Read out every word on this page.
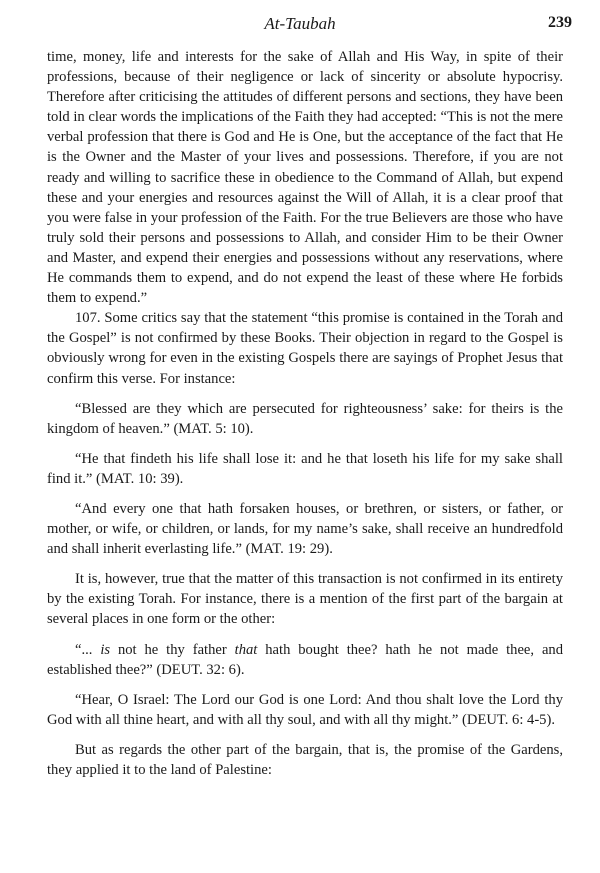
At-Taubah	239

time, money, life and interests for the sake of Allah and His Way, in spite of their professions, because of their negligence or lack of sincerity or absolute hypocrisy. Therefore after criticising the attitudes of different persons and sections, they have been told in clear words the implications of the Faith they had accepted: “This is not the mere verbal profession that there is God and He is One, but the acceptance of the fact that He is the Owner and the Master of your lives and possessions. Therefore, if you are not ready and willing to sacrifice these in obedience to the Command of Allah, but expend these and your energies and resources against the Will of Allah, it is a clear proof that you were false in your profession of the Faith. For the true Believers are those who have truly sold their persons and possessions to Allah, and consider Him to be their Owner and Master, and expend their energies and possessions without any reservations, where He commands them to expend, and do not expend the least of these where He forbids them to expend.”

107. Some critics say that the statement “this promise is contained in the Torah and the Gospel” is not confirmed by these Books. Their objection in regard to the Gospel is obviously wrong for even in the existing Gospels there are sayings of Prophet Jesus that confirm this verse. For instance:

“Blessed are they which are persecuted for righteousness’ sake: for theirs is the kingdom of heaven.” (MAT. 5: 10).

“He that findeth his life shall lose it: and he that loseth his life for my sake shall find it.” (MAT. 10: 39).

“And every one that hath forsaken houses, or brethren, or sisters, or father, or mother, or wife, or children, or lands, for my name’s sake, shall receive an hundredfold and shall inherit everlasting life.” (MAT. 19: 29).

It is, however, true that the matter of this transaction is not confirmed in its entirety by the existing Torah. For instance, there is a mention of the first part of the bargain at several places in one form or the other:

“... is not he thy father that hath bought thee? hath he not made thee, and established thee?” (DEUT. 32: 6).

“Hear, O Israel: The Lord our God is one Lord: And thou shalt love the Lord thy God with all thine heart, and with all thy soul, and with all thy might.” (DEUT. 6: 4-5).

But as regards the other part of the bargain, that is, the promise of the Gardens, they applied it to the land of Palestine:
